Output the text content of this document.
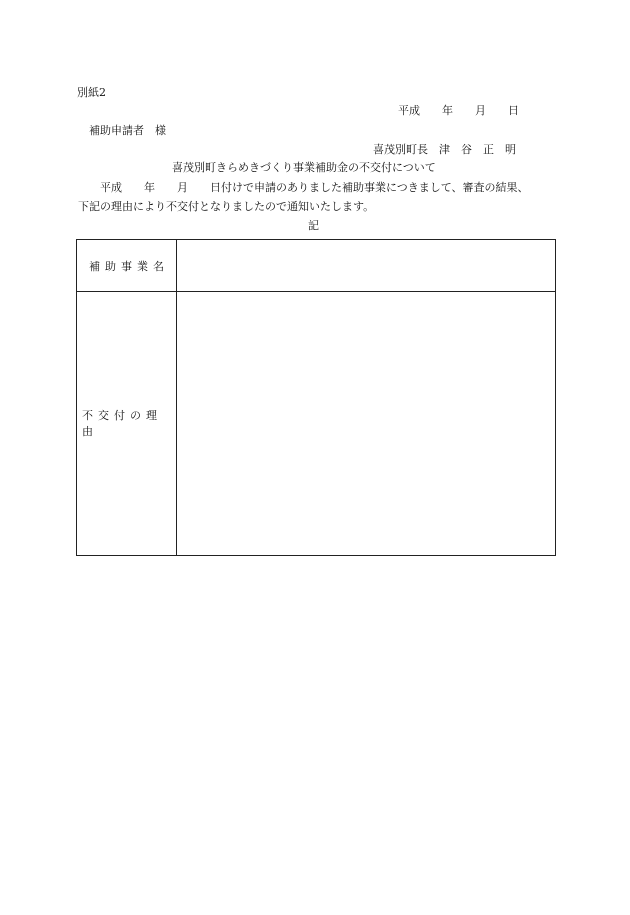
別紙2
平成　　年　　月　　日
補助申請者　様
喜茂別町長　津　谷　正　明
喜茂別町きらめきづくり事業補助金の不交付について
平成　　年　　月　　日付けで申請のありました補助事業につきまして、審査の結果、
下記の理由により不交付となりましたので通知いたします。
記
補助事業名
不交付の理由
